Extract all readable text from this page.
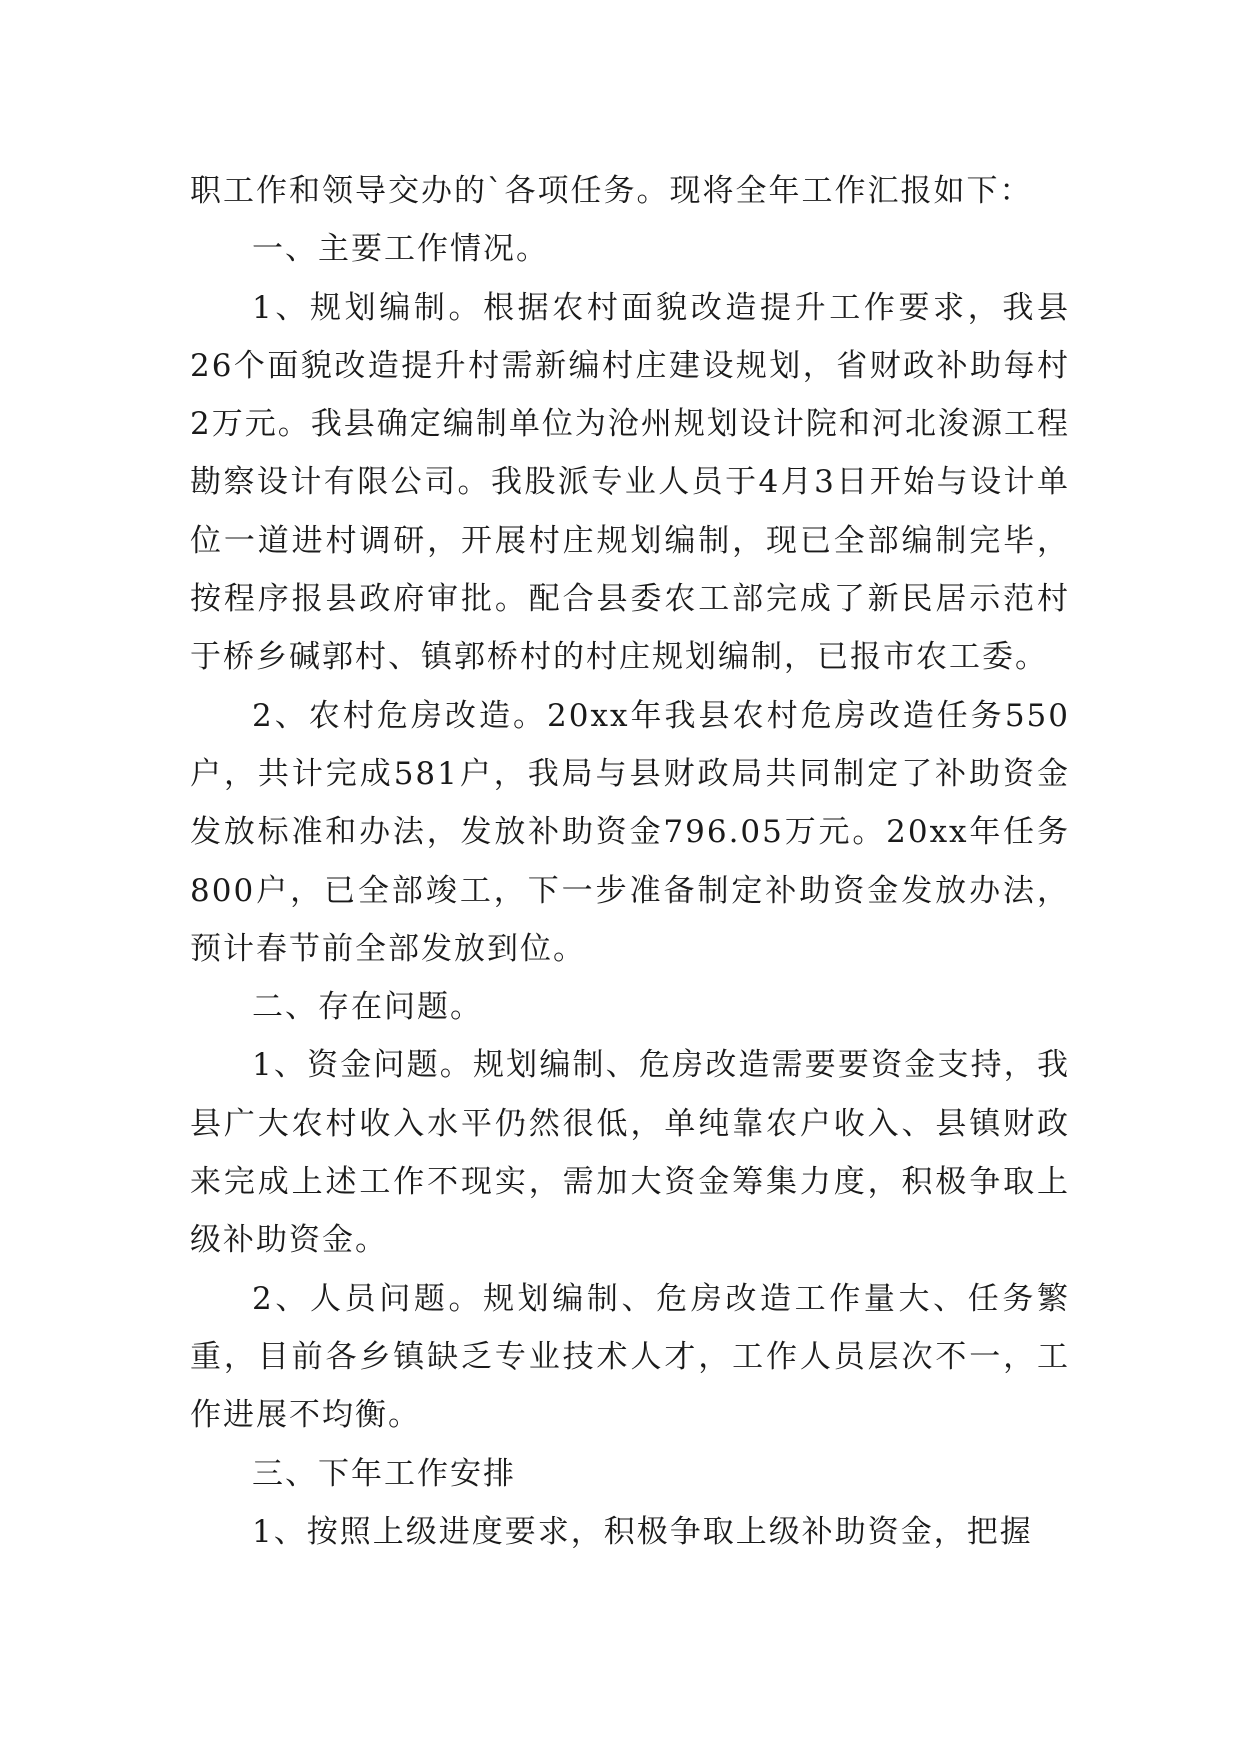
职工作和领导交办的`各项任务。现将全年工作汇报如下：

一、主要工作情况。

1、规划编制。根据农村面貌改造提升工作要求，我县26个面貌改造提升村需新编村庄建设规划，省财政补助每村2万元。我县确定编制单位为沧州规划设计院和河北浚源工程勘察设计有限公司。我股派专业人员于4月3日开始与设计单位一道进村调研，开展村庄规划编制，现已全部编制完毕，按程序报县政府审批。配合县委农工部完成了新民居示范村于桥乡碱郭村、镇郭桥村的村庄规划编制，已报市农工委。

2、农村危房改造。20xx年我县农村危房改造任务550户，共计完成581户，我局与县财政局共同制定了补助资金发放标准和办法，发放补助资金796.05万元。20xx年任务800户，已全部竣工，下一步准备制定补助资金发放办法，预计春节前全部发放到位。

二、存在问题。

1、资金问题。规划编制、危房改造需要要资金支持，我县广大农村收入水平仍然很低，单纯靠农户收入、县镇财政来完成上述工作不现实，需加大资金筹集力度，积极争取上级补助资金。

2、人员问题。规划编制、危房改造工作量大、任务繁重，目前各乡镇缺乏专业技术人才，工作人员层次不一，工作进展不均衡。

三、下年工作安排

1、按照上级进度要求，积极争取上级补助资金，把握
